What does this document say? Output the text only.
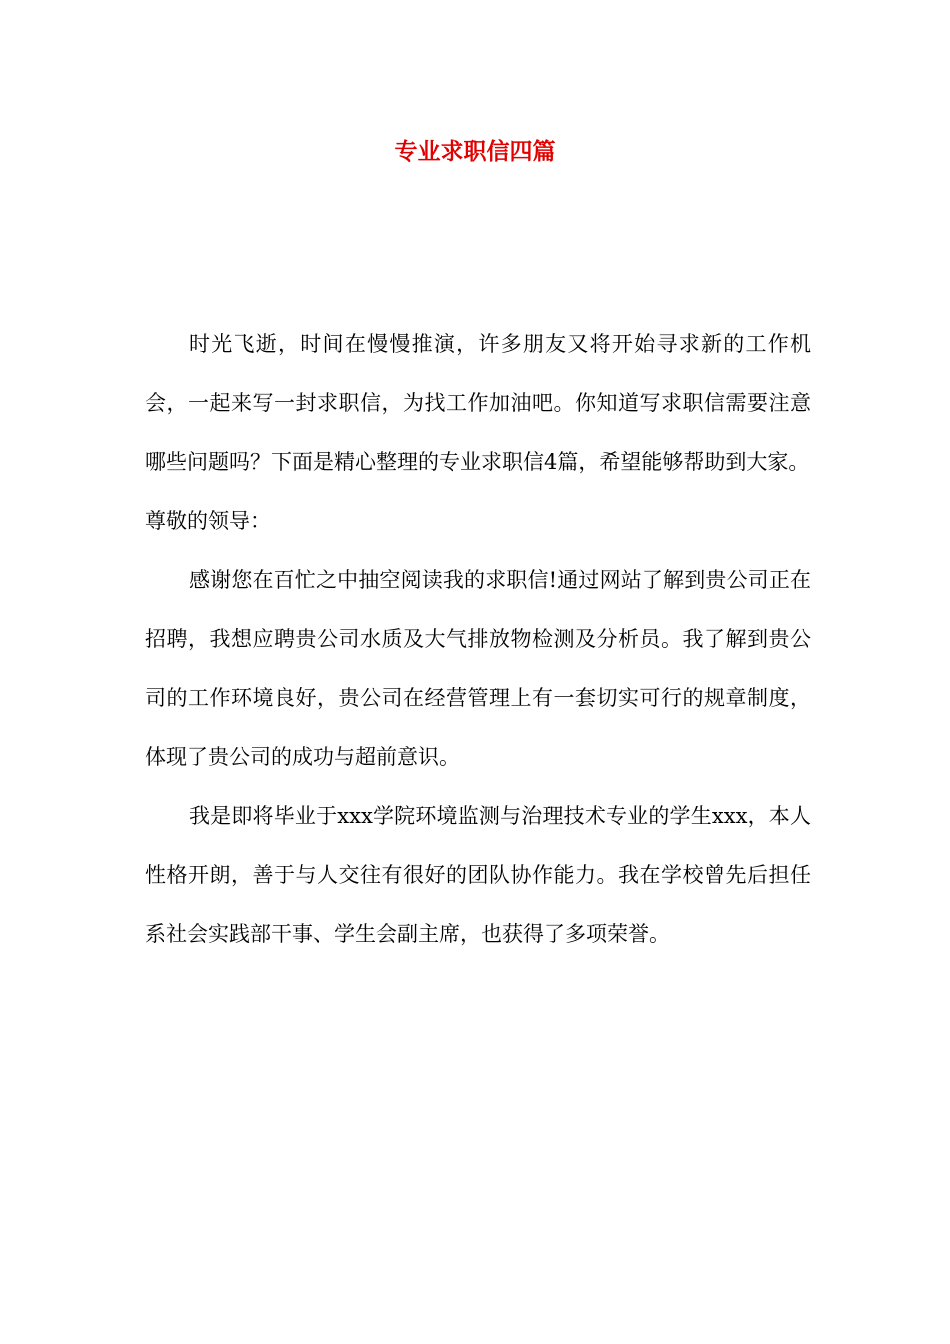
专业求职信四篇

时光飞逝，时间在慢慢推演，许多朋友又将开始寻求新的工作机会，一起来写一封求职信，为找工作加油吧。你知道写求职信需要注意哪些问题吗？下面是精心整理的专业求职信4篇，希望能够帮助到大家。

尊敬的领导：

感谢您在百忙之中抽空阅读我的求职信!通过网站了解到贵公司正在招聘，我想应聘贵公司水质及大气排放物检测及分析员。我了解到贵公司的工作环境良好，贵公司在经营管理上有一套切实可行的规章制度，体现了贵公司的成功与超前意识。

我是即将毕业于xxx学院环境监测与治理技术专业的学生xxx，本人性格开朗，善于与人交往有很好的团队协作能力。我在学校曾先后担任系社会实践部干事、学生会副主席，也获得了多项荣誉。
